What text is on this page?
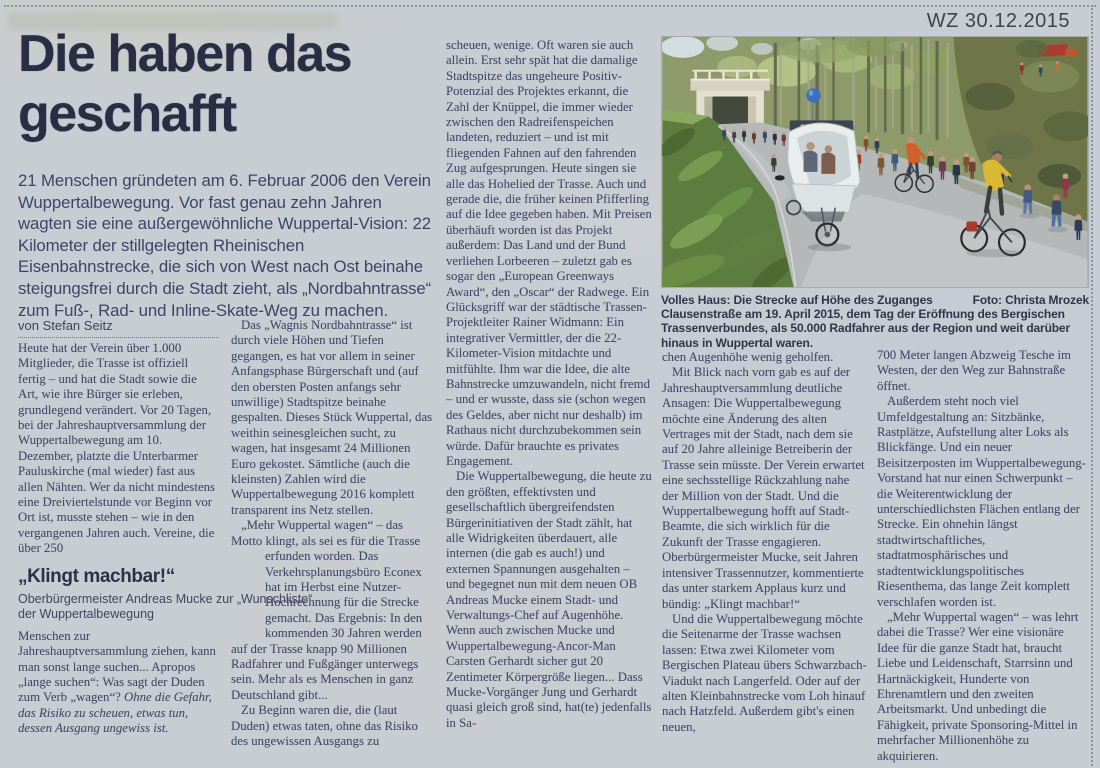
WZ 30.12.2015
Die haben das geschafft

21 Menschen gründeten am 6. Februar 2006 den Verein Wuppertalbewegung. Vor fast genau zehn Jahren wagten sie eine außergewöhnliche Wuppertal-Vision: 22 Kilometer der stillgelegten Rheinischen Eisenbahnstrecke, die sich von West nach Ost beinahe steigungsfrei durch die Stadt zieht, als „Nordbahntrasse“ zum Fuß-, Rad- und Inline-Skate-Weg zu machen.

von Stefan Seitz
Foto: Christa Mrozek
Volles Haus: Die Strecke auf Höhe des Zuganges Clausenstraße am 19. April 2015, dem Tag der Eröffnung des Bergischen Trassenverbundes, als 50.000 Radfahrer aus der Region und weit darüber hinaus in Wuppertal waren.

Heute hat der Verein über 1.000 Mitglieder, die Trasse ist offiziell fertig – und hat die Stadt sowie die Art, wie ihre Bürger sie erleben, grundlegend verändert. Vor 20 Tagen, bei der Jahreshauptversammlung der Wuppertalbewegung am 10. Dezember, platzte die Unterbarmer Pauluskirche (mal wieder) fast aus allen Nähten. Wer da nicht mindestens eine Dreiviertelstunde vor Beginn vor Ort ist, musste stehen – wie in den vergangenen Jahren auch. Vereine, die über 250

„Klingt machbar!“
Oberbürgermeister Andreas Mucke zur „Wunschliste“ der Wuppertalbewegung

Menschen zur Jahreshauptversammlung ziehen, kann man sonst lange suchen... Apropos „lange suchen“: Was sagt der Duden zum Verb „wagen“? Ohne die Gefahr, das Risiko zu scheuen, etwas tun, dessen Ausgang ungewiss ist.

Das „Wagnis Nordbahntrasse“ ist durch viele Höhen und Tiefen gegangen, es hat vor allem in seiner Anfangsphase Bürgerschaft und (auf den obersten Posten anfangs sehr unwillige) Stadtspitze beinahe gespalten. Dieses Stück Wuppertal, das weithin seinesgleichen sucht, zu wagen, hat insgesamt 24 Millionen Euro gekostet. Sämtliche (auch die kleinsten) Zahlen wird die Wuppertalbewegung 2016 komplett transparent ins Netz stellen.

„Mehr Wuppertal wagen“ – das Motto klingt, als sei es für die Trasse erfunden worden. Das
Verkehrsplanungsbüro Econex hat im Herbst eine Nutzer-Hochrechnung für die Strecke gemacht. Das Ergebnis: In den kommenden 30 Jahren werden auf der Trasse knapp 90 Millionen Radfahrer und Fußgänger unterwegs sein. Mehr als es Menschen in ganz Deutschland gibt...

Zu Beginn waren die, die (laut Duden) etwas taten, ohne das Risiko des ungewissen Ausgangs zu

scheuen, wenige. Oft waren sie auch allein. Erst sehr spät hat die damalige Stadtspitze das ungeheure Positiv-Potenzial des Projektes erkannt, die Zahl der Knüppel, die immer wieder zwischen den Radreifenspeichen landeten, reduziert – und ist mit fliegenden Fahnen auf den fahrenden Zug aufgesprungen. Heute singen sie alle das Hohelied der Trasse. Auch und gerade die, die früher keinen Pfifferling auf die Idee gegeben haben. Mit Preisen überhäuft worden ist das Projekt außerdem: Das Land und der Bund verliehen Lorbeeren – zuletzt gab es sogar den „European Greenways Award“, den „Oscar“ der Radwege. Ein Glücksgriff war der städtische Trassen-Projektleiter Rainer Widmann: Ein integrativer Vermittler, der die 22-Kilometer-Vision mitdachte und mitfühlte. Ihm war die Idee, die alte Bahnstrecke umzuwandeln, nicht fremd – und er wusste, dass sie (schon wegen des Geldes, aber nicht nur deshalb) im Rathaus nicht durchzubekommen sein würde. Dafür brauchte es privates Engagement.

Die Wuppertalbewegung, die heute zu den größten, effektivsten und gesellschaftlich übergreifendsten Bürgerinitiativen der Stadt zählt, hat alle Widrigkeiten überdauert, alle internen (die gab es auch!) und externen Spannungen ausgehalten – und begegnet nun mit dem neuen OB Andreas Mucke einem Stadt- und Verwaltungs-Chef auf Augenhöhe. Wenn auch zwischen Mucke und Wuppertalbewegung-Ancor-Man Carsten Gerhardt sicher gut 20 Zentimeter Körpergröße liegen... Dass Mucke-Vorgänger Jung und Gerhardt quasi gleich groß sind, hat(te) jedenfalls in Sa-

chen Augenhöhe wenig geholfen.

Mit Blick nach vorn gab es auf der Jahreshauptversammlung deutliche Ansagen: Die Wuppertalbewegung möchte eine Änderung des alten Vertrages mit der Stadt, nach dem sie auf 20 Jahre alleinige Betreiberin der Trasse sein müsste. Der Verein erwartet eine sechsstellige Rückzahlung nahe der Million von der Stadt. Und die Wuppertalbewegung hofft auf Stadt-Beamte, die sich wirklich für die Zukunft der Trasse engagieren. Oberbürgermeister Mucke, seit Jahren intensiver Trassennutzer, kommentierte das unter starkem Applaus kurz und bündig: „Klingt machbar!“

Und die Wuppertalbewegung möchte die Seitenarme der Trasse wachsen lassen: Etwa zwei Kilometer vom Bergischen Plateau übers Schwarzbach-Viadukt nach Langerfeld. Oder auf der alten Kleinbahnstrecke vom Loh hinauf nach Hatzfeld. Außerdem gibt's einen neuen,

700 Meter langen Abzweig Tesche im Westen, der den Weg zur Bahnstraße öffnet.

Außerdem steht noch viel Umfeldgestaltung an: Sitzbänke, Rastplätze, Aufstellung alter Loks als Blickfänge. Und ein neuer Beisitzerposten im Wuppertalbewegung-Vorstand hat nur einen Schwerpunkt – die Weiterentwicklung der unterschiedlichsten Flächen entlang der Strecke. Ein ohnehin längst stadtwirtschaftliches, stadtatmosphärisches und stadtentwicklungspolitisches Riesenthema, das lange Zeit komplett verschlafen worden ist.

„Mehr Wuppertal wagen“ – was lehrt dabei die Trasse? Wer eine visionäre Idee für die ganze Stadt hat, braucht Liebe und Leidenschaft, Starrsinn und Hartnäckigkeit, Hunderte von Ehrenamtlern und den zweiten Arbeitsmarkt. Und unbedingt die Fähigkeit, private Sponsoring-Mittel in mehrfacher Millionenhöhe zu akquirieren.
